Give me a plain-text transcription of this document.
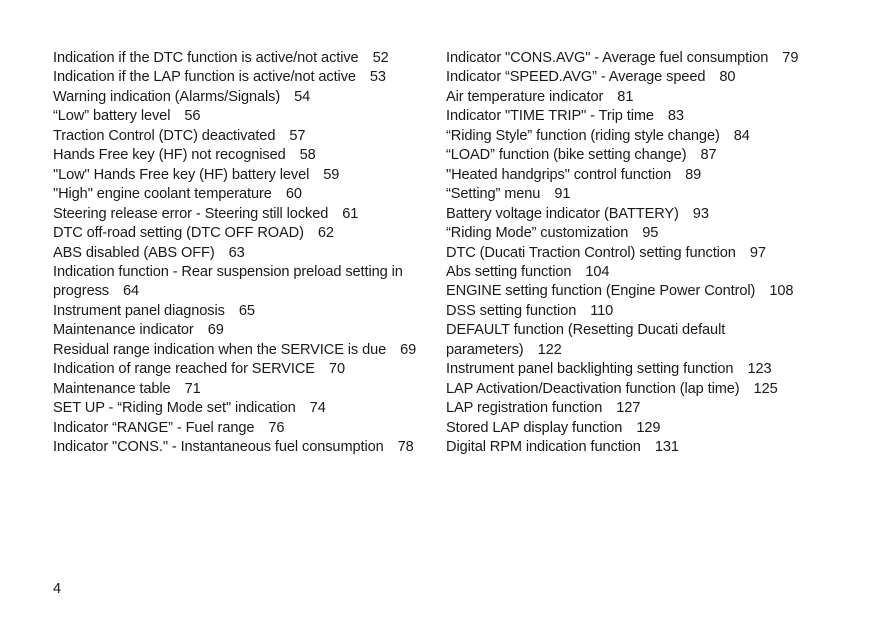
Indication if the DTC function is active/not active 52
Indication if the LAP function is active/not active 53
Warning indication (Alarms/Signals) 54
“Low” battery level 56
Traction Control (DTC) deactivated 57
Hands Free key (HF) not recognised 58
"Low" Hands Free key (HF) battery level 59
"High" engine coolant temperature 60
Steering release error - Steering still locked 61
DTC off-road setting (DTC OFF ROAD) 62
ABS disabled (ABS OFF) 63
Indication function - Rear suspension preload setting in progress 64
Instrument panel diagnosis 65
Maintenance indicator 69
Residual range indication when the SERVICE is due 69
Indication of range reached for SERVICE 70
Maintenance table 71
SET UP - “Riding Mode set" indication 74
Indicator “RANGE” - Fuel range 76
Indicator "CONS." - Instantaneous fuel consumption 78
Indicator "CONS.AVG" - Average fuel consumption 79
Indicator “SPEED.AVG” - Average speed 80
Air temperature indicator 81
Indicator "TIME TRIP" - Trip time 83
“Riding Style” function (riding style change) 84
“LOAD” function (bike setting change) 87
"Heated handgrips" control function 89
“Setting” menu 91
Battery voltage indicator (BATTERY) 93
“Riding Mode” customization 95
DTC (Ducati Traction Control) setting function 97
Abs setting function 104
ENGINE setting function (Engine Power Control) 108
DSS setting function 110
DEFAULT function (Resetting Ducati default parameters) 122
Instrument panel backlighting setting function 123
LAP Activation/Deactivation function (lap time) 125
LAP registration function 127
Stored LAP display function 129
Digital RPM indication function 131
4
